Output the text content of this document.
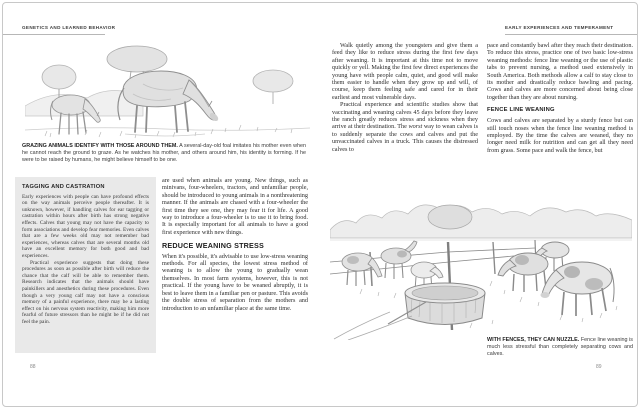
GENETICS AND LEARNED BEHAVIOR
GRAZING ANIMALS IDENTIFY WITH THOSE AROUND THEM. A several-day-old foal imitates his mother even when he cannot reach the ground to graze. As he watches his mother, and others around him, his identity is forming. If he were to be raised by humans, he might believe himself to be one.
TAGGING AND CASTRATION

Early experiences with people can have profound effects on the way animals perceive people thereafter. It is unknown, however, if handling calves for ear tagging or castration within hours after birth has strong negative effects. Calves that young may not have the capacity to form associations and develop fear memories. Even calves that are a few weeks old may not remember bad experiences, whereas calves that are several months old have an excellent memory for both good and bad experiences.

Practical experience suggests that doing these procedures as soon as possible after birth will reduce the chance that the calf will be able to remember them. Research indicates that the animals should have painkillers and anesthetics during these procedures. Even though a very young calf may not have a conscious memory of a painful experience, there may be a lasting effect on his nervous system reactivity, making him more fearful of future stressors than he might be if he did not feel the pain.

are used when animals are young. New things, such as minivans, four-wheelers, tractors, and unfamiliar people, should be introduced to young animals in a nonthreatening manner. If the animals are chased with a four-wheeler the first time they see one, they may fear it for life. A good way to introduce a four-wheeler is to use it to bring food. It is especially important for all animals to have a good first experience with new things.

REDUCE WEANING STRESS

When it's possible, it's advisable to use low-stress weaning methods. For all species, the lowest stress method of weaning is to allow the young to gradually wean themselves. In most farm systems, however, this is not practical. If the young have to be weaned abruptly, it is best to leave them in a familiar pen or pasture. This avoids the double stress of separation from the mothers and introduction to an unfamiliar place at the same time.

88
EARLY EXPERIENCES AND TEMPERAMENT

Walk quietly among the youngsters and give them a feed they like to reduce stress during the first few days after weaning. It is important at this time not to move quickly or yell. Making the first few direct experiences the young have with people calm, quiet, and good will make them easier to handle when they grow up and will, of course, keep them feeling safe and cared for in their earliest and most vulnerable days.

Practical experience and scientific studies show that vaccinating and weaning calves 45 days before they leave the ranch greatly reduces stress and sickness when they arrive at their destination. The worst way to wean calves is to suddenly separate the cows and calves and put the unvaccinated calves in a truck. This causes the distressed calves to

pace and constantly bawl after they reach their destination. To reduce this stress, practice one of two basic low-stress weaning methods: fence line weaning or the use of plastic tabs to prevent nursing, a method used extensively in South America. Both methods allow a calf to stay close to its mother and drastically reduce bawling and pacing. Cows and calves are more concerned about being close together than they are about nursing.

FENCE LINE WEANING

Cows and calves are separated by a sturdy fence but can still touch noses when the fence line weaning method is employed. By the time the calves are weaned, they no longer need milk for nutrition and can get all they need from grass. Some pace and walk the fence, but

WITH FENCES, THEY CAN NUZZLE. Fence line weaning is much less stressful than completely separating cows and calves.
89
